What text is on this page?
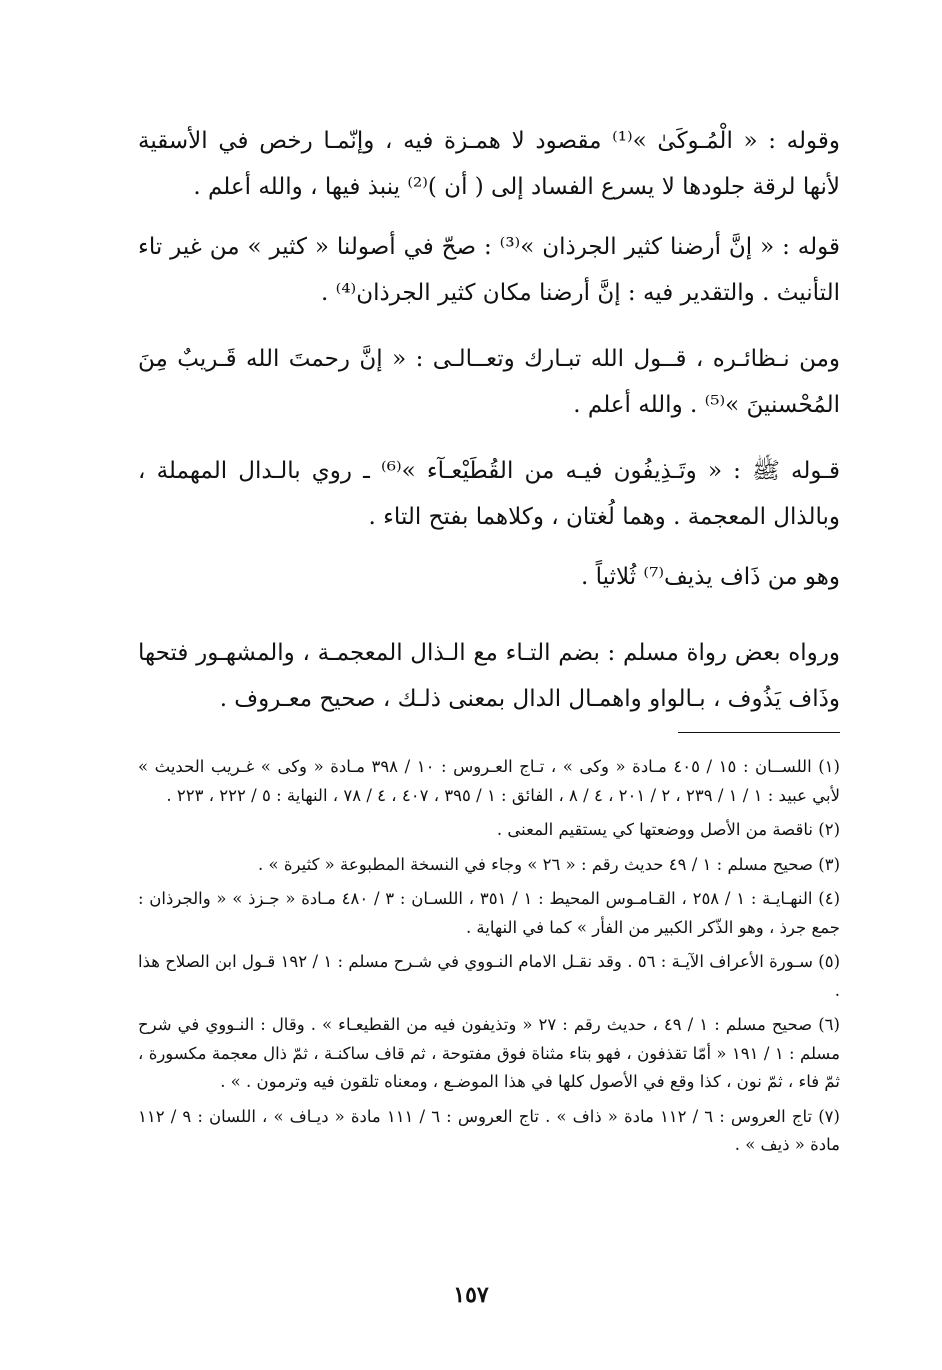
وقوله : « الْمُـوكَىٰ »⁽¹⁾ مقصود لا همـزة فيه ، وإنّمـا رخص في الأسقية لأنها لرقة جلودها لا يسرع الفساد إلى ( أن )⁽²⁾ ينبذ فيها ، والله أعلم .

قوله : « إنَّ أرضنا كثير الجرذان »⁽³⁾ : صحّ في أصولنا « كثير » من غير تاء التأنيث . والتقدير فيه : إنَّ أرضنا مكان كثير الجرذان⁽⁴⁾ .

ومن نـظائـره ، قــول الله تبـارك وتعــالـى : « إنَّ رحمتَ الله قَـريبٌ مِنَ المُحْسنينَ »⁽⁵⁾ . والله أعلم .

قـوله ﷺ : « وتَـذِيفُون فيـه من القُطَيْعـآء »⁽⁶⁾ ـ روي بالـدال المهملة ، وبالذال المعجمة . وهما لُغتان ، وكلاهما بفتح التاء .

وهو من ذَاف يذيف⁽⁷⁾ ثُلاثياً .

ورواه بعض رواة مسلم : بضم التـاء مع الـذال المعجمـة ، والمشهـور فتحها وذَاف يَذُوف ، بـالواو واهمـال الدال بمعنى ذلـك ، صحيح معـروف .

(١) اللســان : ١٥ / ٤٠٥ مـادة « وكى » ، تـاج العـروس : ١٠ / ٣٩٨ مـادة « وكى » غـريب الحديث » لأبي عبيد : ١ / ١ / ٢٣٩ ، ٢ / ٢٠١ ، ٤ / ٨ ، الفائق : ١ / ٣٩٥ ، ٤٠٧ ، ٤ / ٧٨ ، النهاية : ٥ / ٢٢٢ ، ٢٢٣ .

(٢) ناقصة من الأصل ووضعتها كي يستقيم المعنى .

(٣) صحيح مسلم : ١ / ٤٩ حديث رقم : « ٢٦ » وجاء في النسخة المطبوعة « كثيرة » .

(٤) النهـايـة : ١ / ٢٥٨ ، القـامـوس المحيط : ١ / ٣٥١ ، اللسـان : ٣ / ٤٨٠ مـادة « جـزذ » « والجرذان : جمع جرذ ، وهو الذّكر الكبير من الفأر » كما في النهاية .

(٥) سـورة الأعراف الآيـة : ٥٦ . وقد نقـل الامام النـووي في شـرح مسلم : ١ / ١٩٢ قـول ابن الصلاح هذا .

(٦) صحيح مسلم : ١ / ٤٩ ، حديث رقم : ٢٧ « وتذيفون فيه من القطيعـاء » . وقال : النـووي في شرح مسلم : ١ / ١٩١ « أمّا تقذفون ، فهو بتاء مثناة فوق مفتوحة ، ثم قاف ساكنـة ، ثمّ ذال معجمة مكسورة ، ثمّ فاء ، ثمّ نون ، كذا وقع في الأصول كلها في هذا الموضـع ، ومعناه تلقون فيه وترمون . » .

(٧) تاج العروس : ٦ / ١١٢ مادة « ذاف » . تاج العروس : ٦ / ١١١ مادة « ديـاف » ، اللسان : ٩ / ١١٢ مادة « ذيف » .

١٥٧
